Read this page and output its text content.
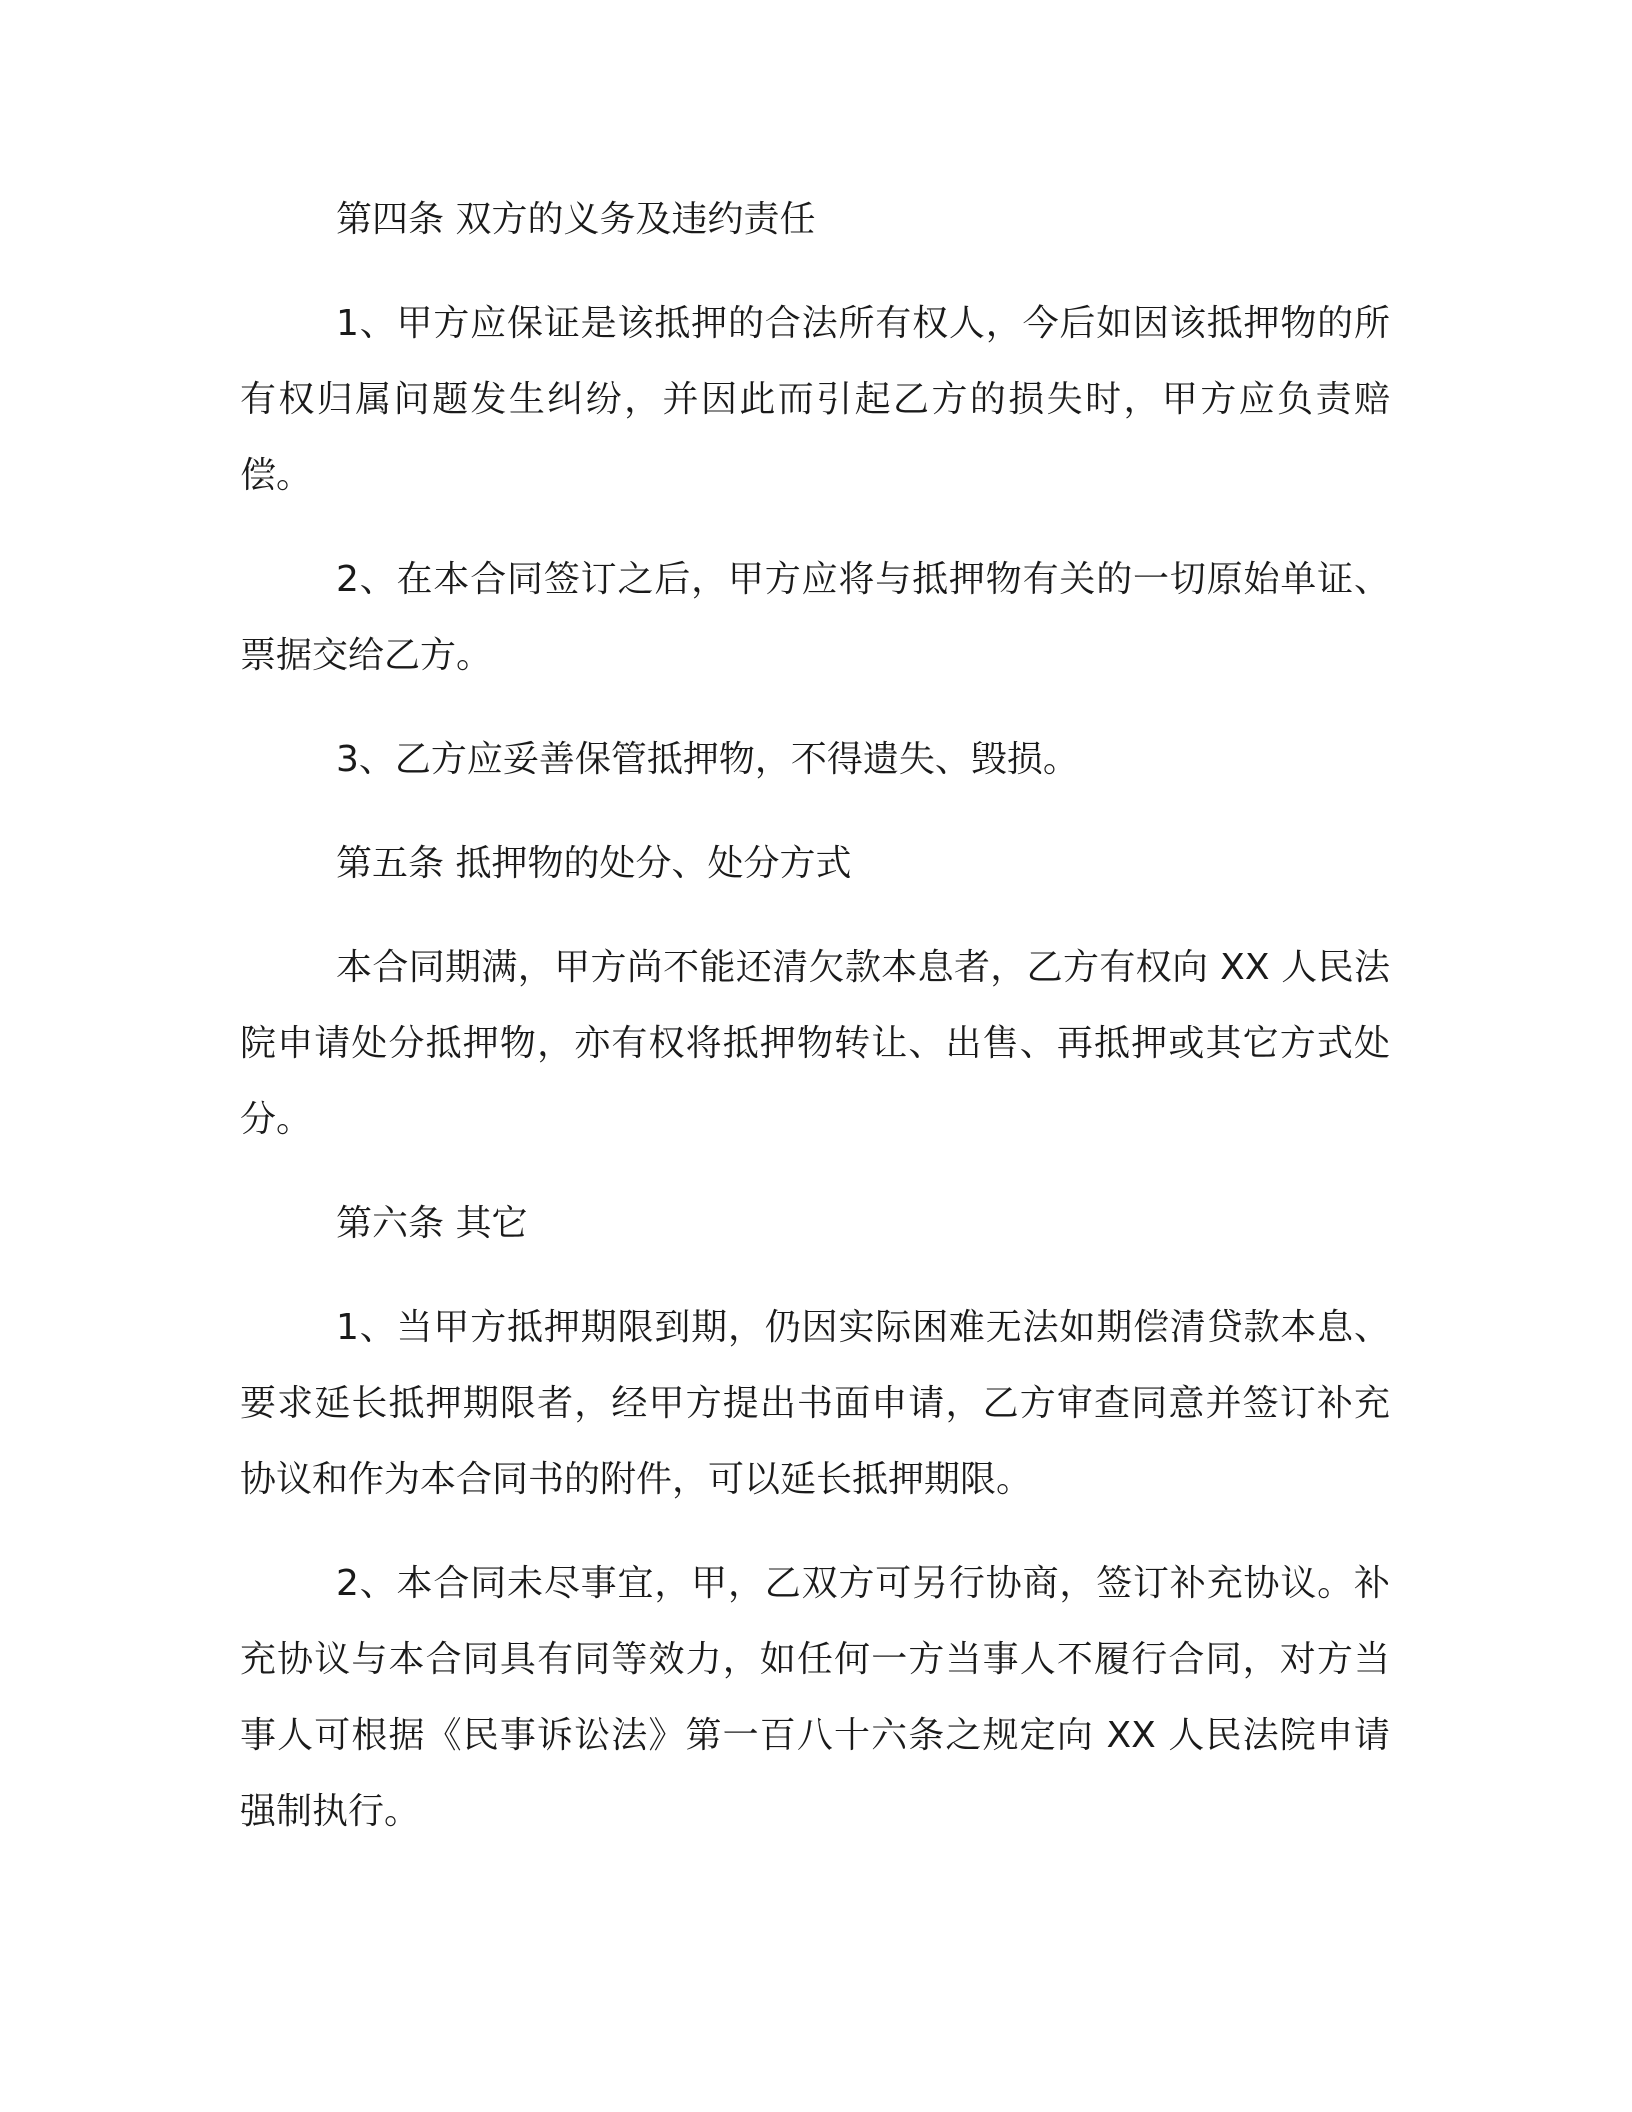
第四条 双方的义务及违约责任

1、甲方应保证是该抵押的合法所有权人，今后如因该抵押物的所有权归属问题发生纠纷，并因此而引起乙方的损失时，甲方应负责赔偿。

2、在本合同签订之后，甲方应将与抵押物有关的一切原始单证、票据交给乙方。

3、乙方应妥善保管抵押物，不得遗失、毁损。

第五条 抵押物的处分、处分方式

本合同期满，甲方尚不能还清欠款本息者，乙方有权向 XX 人民法院申请处分抵押物，亦有权将抵押物转让、出售、再抵押或其它方式处分。

第六条 其它

1、当甲方抵押期限到期，仍因实际困难无法如期偿清贷款本息、要求延长抵押期限者，经甲方提出书面申请，乙方审查同意并签订补充协议和作为本合同书的附件，可以延长抵押期限。

2、本合同未尽事宜，甲，乙双方可另行协商，签订补充协议。补充协议与本合同具有同等效力，如任何一方当事人不履行合同，对方当事人可根据《民事诉讼法》第一百八十六条之规定向 XX 人民法院申请强制执行。
